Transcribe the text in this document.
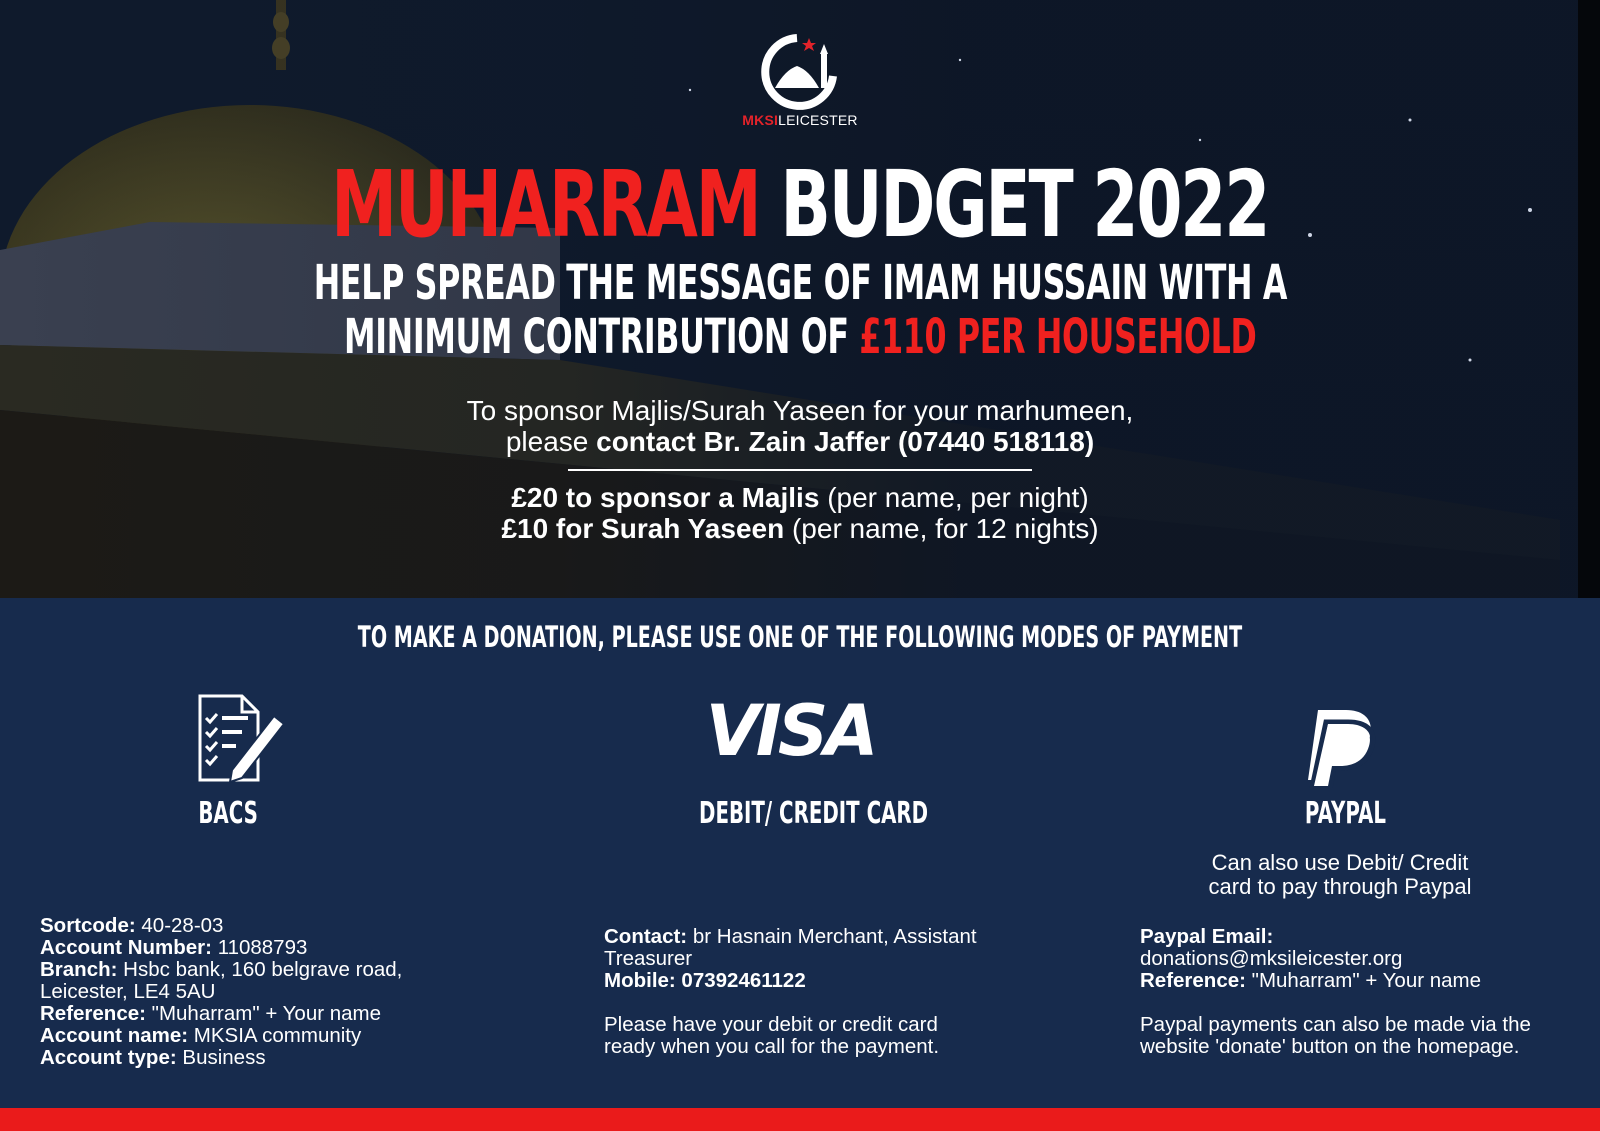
MKSILEICESTER
MUHARRAM BUDGET 2022
HELP SPREAD THE MESSAGE OF IMAM HUSSAIN WITH A
MINIMUM CONTRIBUTION OF £110 PER HOUSEHOLD
To sponsor Majlis/Surah Yaseen for your marhumeen,
please contact Br. Zain Jaffer (07440 518118)
£20 to sponsor a Majlis (per name, per night)
£10 for Surah Yaseen (per name, for 12 nights)
TO MAKE A DONATION, PLEASE USE ONE OF THE FOLLOWING MODES OF PAYMENT
BACS
Sortcode: 40-28-03
Account Number: 11088793
Branch: Hsbc bank, 160 belgrave road,
Leicester, LE4 5AU
Reference: "Muharram" + Your name
Account name: MKSIA community
Account type: Business
VISA
DEBIT/ CREDIT CARD
Contact: br Hasnain Merchant, Assistant
Treasurer
Mobile: 07392461122
Please have your debit or credit card
ready when you call for the payment.
PAYPAL
Can also use Debit/ Credit
card to pay through Paypal
Paypal Email:
donations@mksileicester.org
Reference: "Muharram" + Your name
Paypal payments can also be made via the
website 'donate' button on the homepage.
